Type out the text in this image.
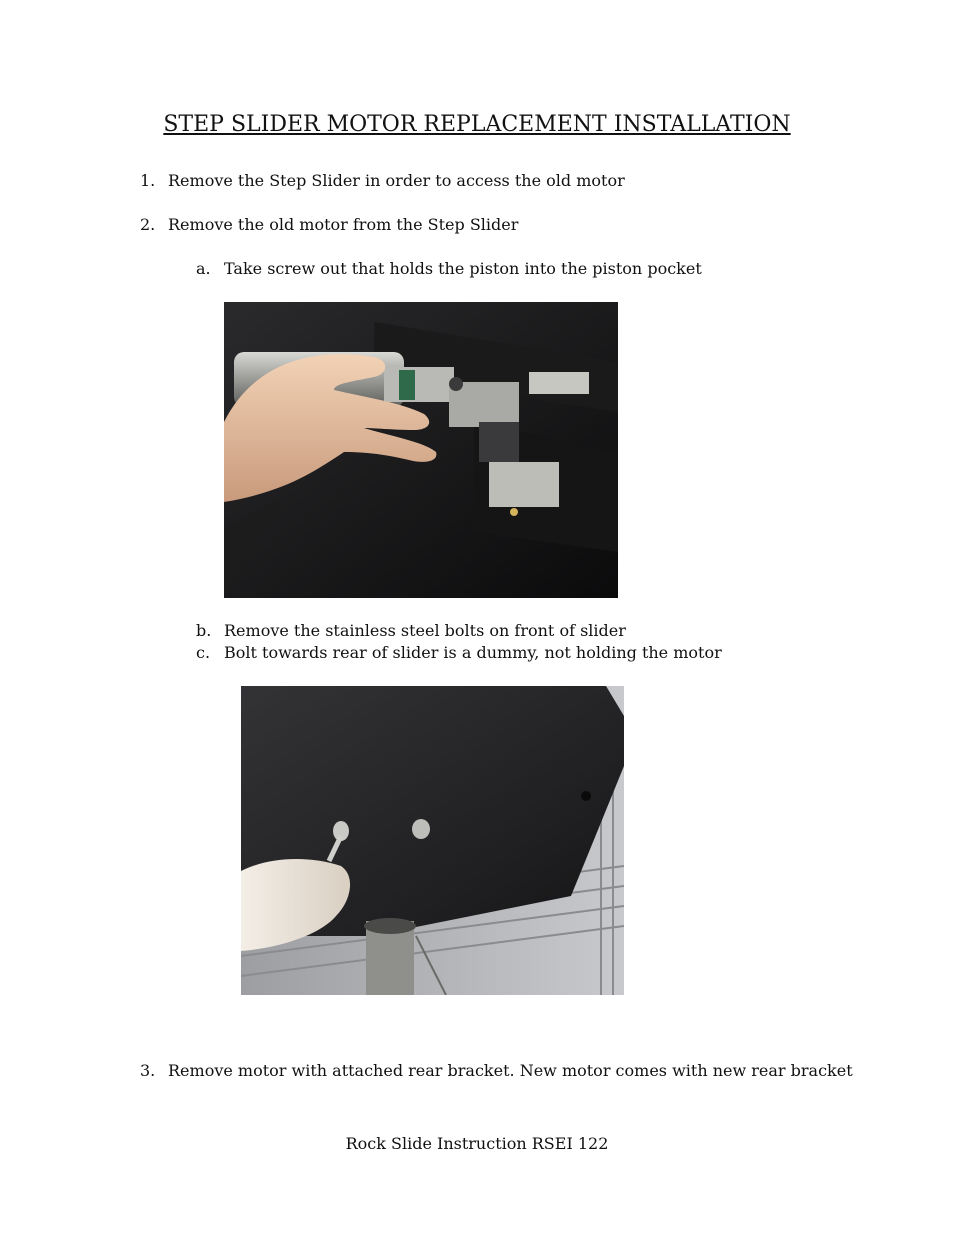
STEP SLIDER MOTOR REPLACEMENT INSTALLATION
1. Remove the Step Slider in order to access the old motor
2. Remove the old motor from the Step Slider
a. Take screw out that holds the piston into the piston pocket
b. Remove the stainless steel bolts on front of slider
c. Bolt towards rear of slider is a dummy, not holding the motor
3. Remove motor with attached rear bracket. New motor comes with new rear bracket
Rock Slide Instruction RSEI 122
